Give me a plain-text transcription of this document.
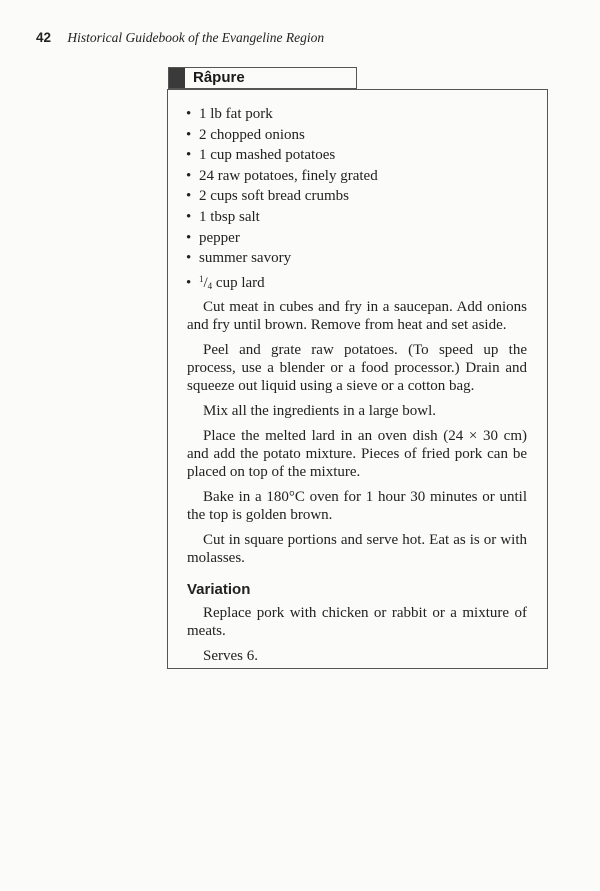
42 Historical Guidebook of the Evangeline Region
Râpure
• 1 lb fat pork
• 2 chopped onions
• 1 cup mashed potatoes
• 24 raw potatoes, finely grated
• 2 cups soft bread crumbs
• 1 tbsp salt
• pepper
• summer savory
• $^1/_4$ cup lard

Cut meat in cubes and fry in a saucepan. Add onions and fry until brown. Remove from heat and set aside.

Peel and grate raw potatoes. (To speed up the process, use a blender or a food processor.) Drain and squeeze out liquid using a sieve or a cotton bag.

Mix all the ingredients in a large bowl.

Place the melted lard in an oven dish (24 × 30 cm) and add the potato mixture. Pieces of fried pork can be placed on top of the mixture.

Bake in a 180°C oven for 1 hour 30 minutes or until the top is golden brown.

Cut in square portions and serve hot. Eat as is or with molasses.

Variation

Replace pork with chicken or rabbit or a mixture of meats.

Serves 6.
